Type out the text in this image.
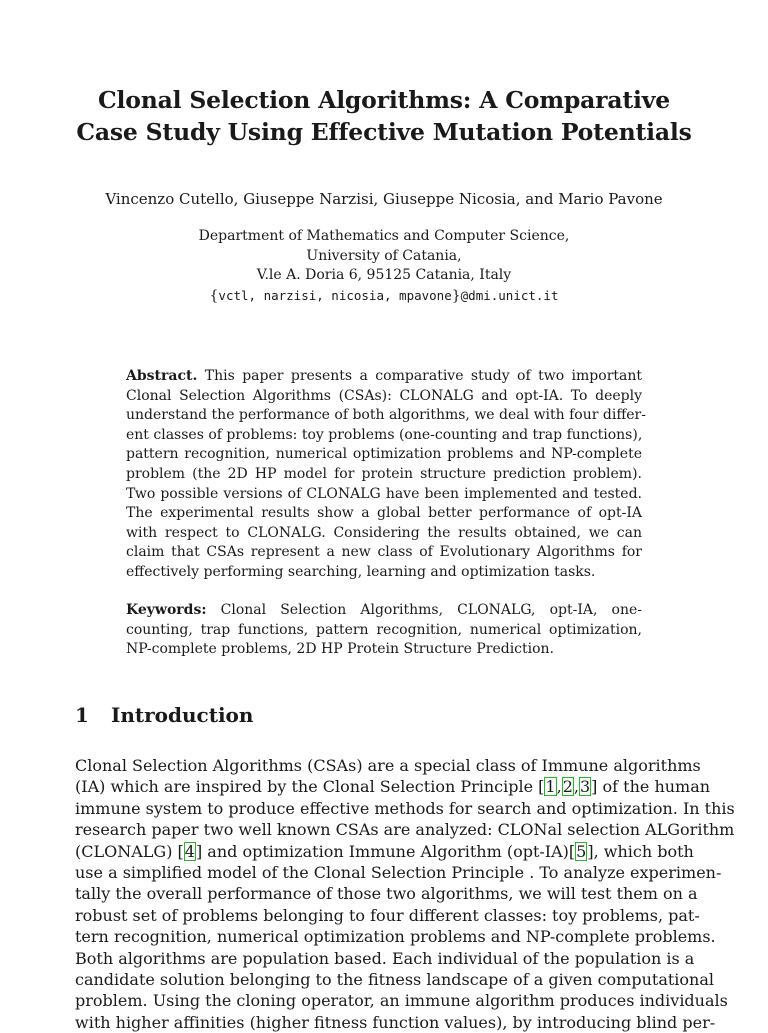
Clonal Selection Algorithms: A Comparative
Case Study Using Effective Mutation Potentials
Vincenzo Cutello, Giuseppe Narzisi, Giuseppe Nicosia, and Mario Pavone
Department of Mathematics and Computer Science,
University of Catania,
V.le A. Doria 6, 95125 Catania, Italy
{vctl, narzisi, nicosia, mpavone}@dmi.unict.it
Abstract. This paper presents a comparative study of two important
Clonal Selection Algorithms (CSAs): CLONALG and opt-IA. To deeply
understand the performance of both algorithms, we deal with four differ-
ent classes of problems: toy problems (one-counting and trap functions),
pattern recognition, numerical optimization problems and NP-complete
problem (the 2D HP model for protein structure prediction problem).
Two possible versions of CLONALG have been implemented and tested.
The experimental results show a global better performance of opt-IA
with respect to CLONALG. Considering the results obtained, we can
claim that CSAs represent a new class of Evolutionary Algorithms for
effectively performing searching, learning and optimization tasks.
Keywords: Clonal Selection Algorithms, CLONALG, opt-IA, one-
counting, trap functions, pattern recognition, numerical optimization,
NP-complete problems, 2D HP Protein Structure Prediction.
1 Introduction
Clonal Selection Algorithms (CSAs) are a special class of Immune algorithms
(IA) which are inspired by the Clonal Selection Principle [1,2,3] of the human
immune system to produce effective methods for search and optimization. In this
research paper two well known CSAs are analyzed: CLONal selection ALGorithm
(CLONALG) [4] and optimization Immune Algorithm (opt-IA)[5], which both
use a simplified model of the Clonal Selection Principle . To analyze experimen-
tally the overall performance of those two algorithms, we will test them on a
robust set of problems belonging to four different classes: toy problems, pat-
tern recognition, numerical optimization problems and NP-complete problems.
Both algorithms are population based. Each individual of the population is a
candidate solution belonging to the fitness landscape of a given computational
problem. Using the cloning operator, an immune algorithm produces individuals
with higher affinities (higher fitness function values), by introducing blind per-
